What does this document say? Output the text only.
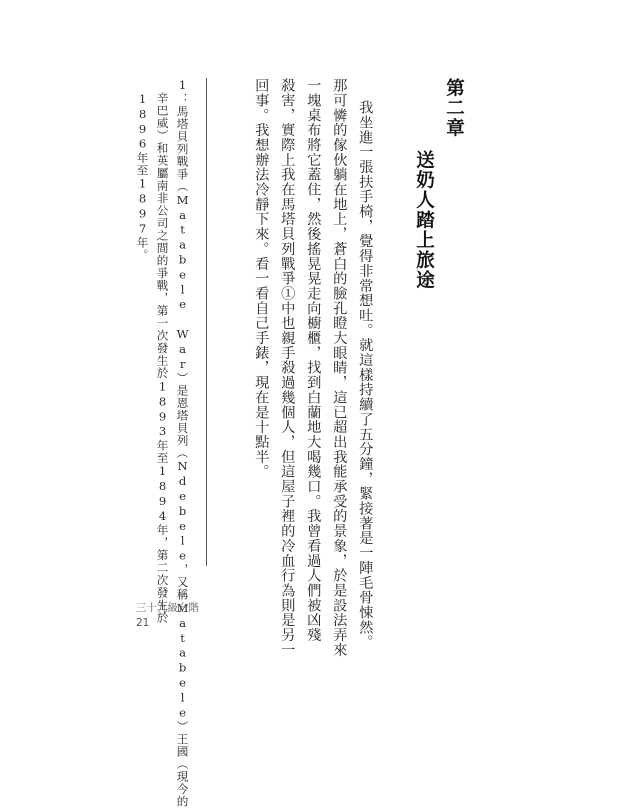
第二章
送奶人踏上旅途
我坐進一張扶手椅，覺得非常想吐。就這樣持續了五分鐘，緊接著是一陣毛骨悚然。
那可憐的傢伙躺在地上，蒼白的臉孔瞪大眼睛，這已超出我能承受的景象，於是設法弄來
一塊桌布將它蓋住，然後搖晃晃走向櫥櫃，找到白蘭地大喝幾口。我曾看過人們被凶殘
殺害，實際上我在馬塔貝列戰爭①中也親手殺過幾個人，但這屋子裡的冷血行為則是另一
回事。我想辦法冷靜下來。看一看自己手錶，現在是十點半。
1：馬塔貝列戰爭（Matabele War）是恩塔貝列（Ndebele，又稱Matabele）王國（現今的
辛巴威）和英屬南非公司之間的爭戰，第一次發生於1893年至1894年，第二次發生於
1896年至1897年。
三十九級台階
21
